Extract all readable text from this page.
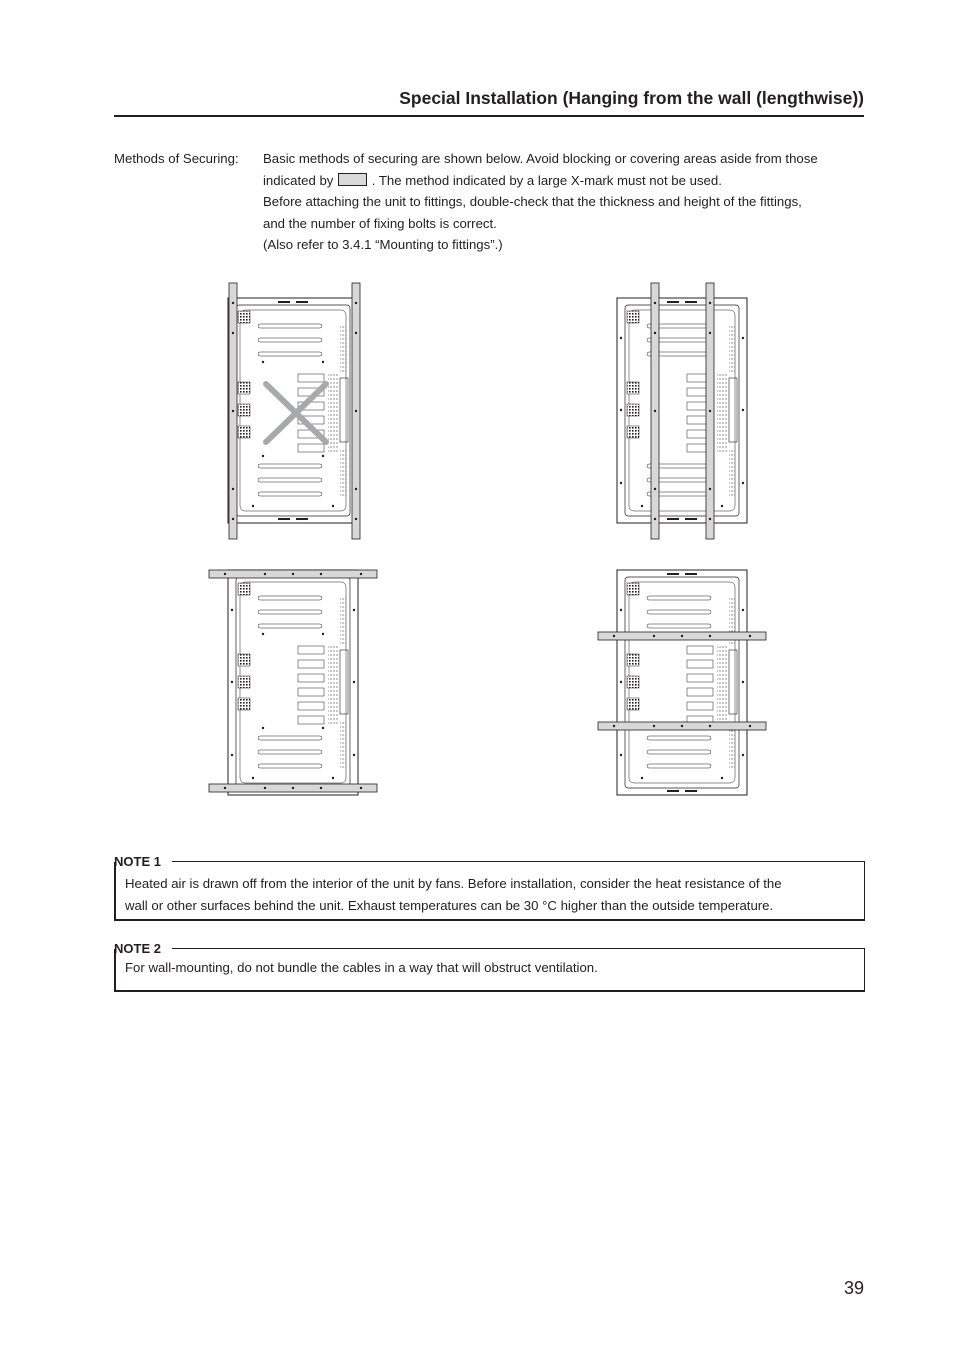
Special Installation (Hanging from the wall (lengthwise))
Methods of Securing: Basic methods of securing are shown below. Avoid blocking or covering areas aside from those

indicated by	. The method indicated by a large X-mark must not be used.

Before attaching the unit to fittings, double-check that the thickness and height of the fittings,

and the number of fixing bolts is correct.

(Also refer to 3.4.1 “Mounting to fittings”.)

NOTE 1
Heated air is drawn off from the interior of the unit by fans. Before installation, consider the heat resistance of the
wall or other surfaces behind the unit. Exhaust temperatures can be 30 °C higher than the outside temperature.
NOTE 2
For wall-mounting, do not bundle the cables in a way that will obstruct ventilation.
39
